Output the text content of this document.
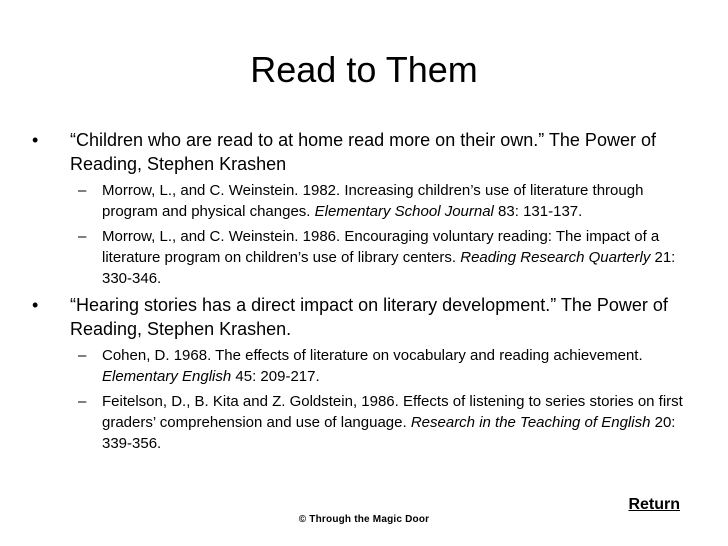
Read to Them
• “Children who are read to at home read more on their own.” The Power of Reading, Stephen Krashen
– Morrow, L., and C. Weinstein. 1982. Increasing children’s use of literature through program and physical changes. Elementary School Journal 83: 131-137.
– Morrow, L., and C. Weinstein. 1986. Encouraging voluntary reading: The impact of a literature program on children’s use of library centers. Reading Research Quarterly 21: 330-346.
• “Hearing stories has a direct impact on literary development.” The Power of Reading, Stephen Krashen.
– Cohen, D. 1968. The effects of literature on vocabulary and reading achievement. Elementary English 45: 209-217.
– Feitelson, D., B. Kita and Z. Goldstein, 1986. Effects of listening to series stories on first graders’ comprehension and use of language. Research in the Teaching of English 20: 339-356.
Return
© Through the Magic Door
